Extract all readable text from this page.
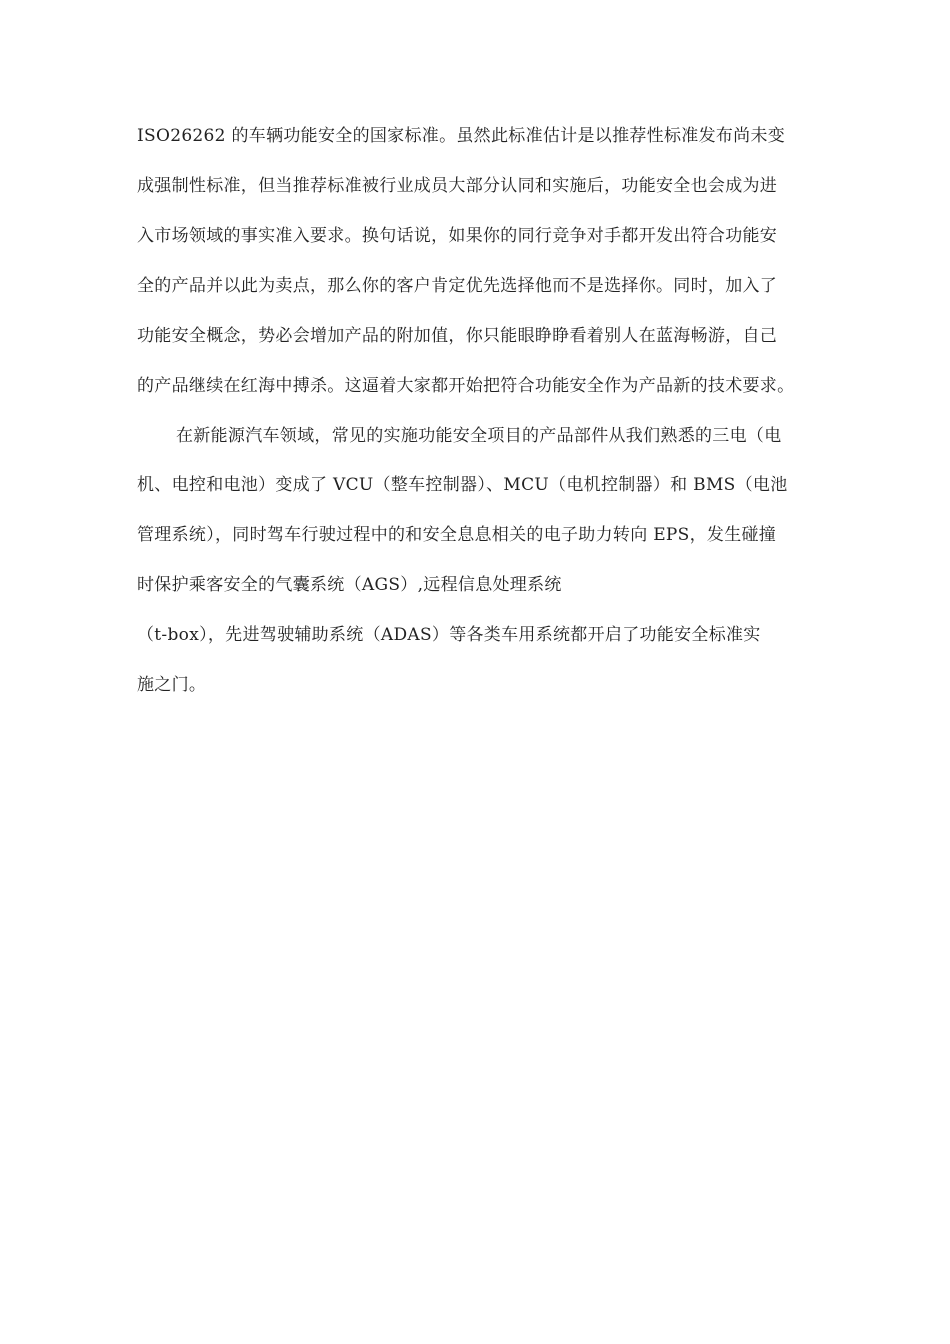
ISO26262 的车辆功能安全的国家标准。虽然此标准估计是以推荐性标准发布尚未变
成强制性标准，但当推荐标准被行业成员大部分认同和实施后，功能安全也会成为进
入市场领域的事实准入要求。换句话说，如果你的同行竞争对手都开发出符合功能安
全的产品并以此为卖点，那么你的客户肯定优先选择他而不是选择你。同时，加入了
功能安全概念，势必会增加产品的附加值，你只能眼睁睁看着别人在蓝海畅游，自己
的产品继续在红海中搏杀。这逼着大家都开始把符合功能安全作为产品新的技术要求。
在新能源汽车领域，常见的实施功能安全项目的产品部件从我们熟悉的三电（电
机、电控和电池）变成了 VCU（整车控制器）、MCU（电机控制器）和 BMS（电池
管理系统），同时驾车行驶过程中的和安全息息相关的电子助力转向 EPS，发生碰撞
时保护乘客安全的气囊系统（AGS）,远程信息处理系统
（t-box），先进驾驶辅助系统（ADAS）等各类车用系统都开启了功能安全标准实
施之门。
